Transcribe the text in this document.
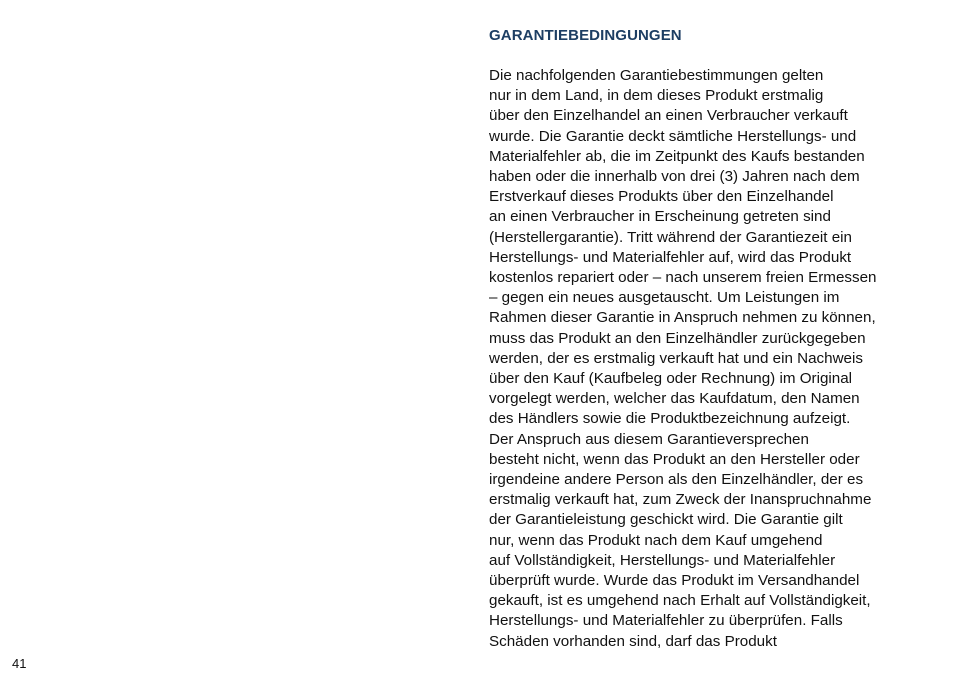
GARANTIEBEDINGUNGEN
Die nachfolgenden Garantiebestimmungen gelten
nur in dem Land, in dem dieses Produkt erstmalig
über den Einzelhandel an einen Verbraucher verkauft
wurde. Die Garantie deckt sämtliche Herstellungs- und
Materialfehler ab, die im Zeitpunkt des Kaufs bestanden
haben oder die innerhalb von drei (3) Jahren nach dem
Erstverkauf dieses Produkts über den Einzelhandel
an einen Verbraucher in Erscheinung getreten sind
(Herstellergarantie). Tritt während der Garantiezeit ein
Herstellungs- und Materialfehler auf, wird das Produkt
kostenlos repariert oder – nach unserem freien Ermessen
– gegen ein neues ausgetauscht. Um Leistungen im
Rahmen dieser Garantie in Anspruch nehmen zu können,
muss das Produkt an den Einzelhändler zurückgegeben
werden, der es erstmalig verkauft hat und ein Nachweis
über den Kauf (Kaufbeleg oder Rechnung) im Original
vorgelegt werden, welcher das Kaufdatum, den Namen
des Händlers sowie die Produktbezeichnung aufzeigt.
Der Anspruch aus diesem Garantieversprechen
besteht nicht, wenn das Produkt an den Hersteller oder
irgendeine andere Person als den Einzelhändler, der es
erstmalig verkauft hat, zum Zweck der Inanspruchnahme
der Garantieleistung geschickt wird. Die Garantie gilt
nur, wenn das Produkt nach dem Kauf umgehend
auf Vollständigkeit, Herstellungs- und Materialfehler
überprüft wurde. Wurde das Produkt im Versandhandel
gekauft, ist es umgehend nach Erhalt auf Vollständigkeit,
Herstellungs- und Materialfehler zu überprüfen. Falls
Schäden vorhanden sind, darf das Produkt
41
